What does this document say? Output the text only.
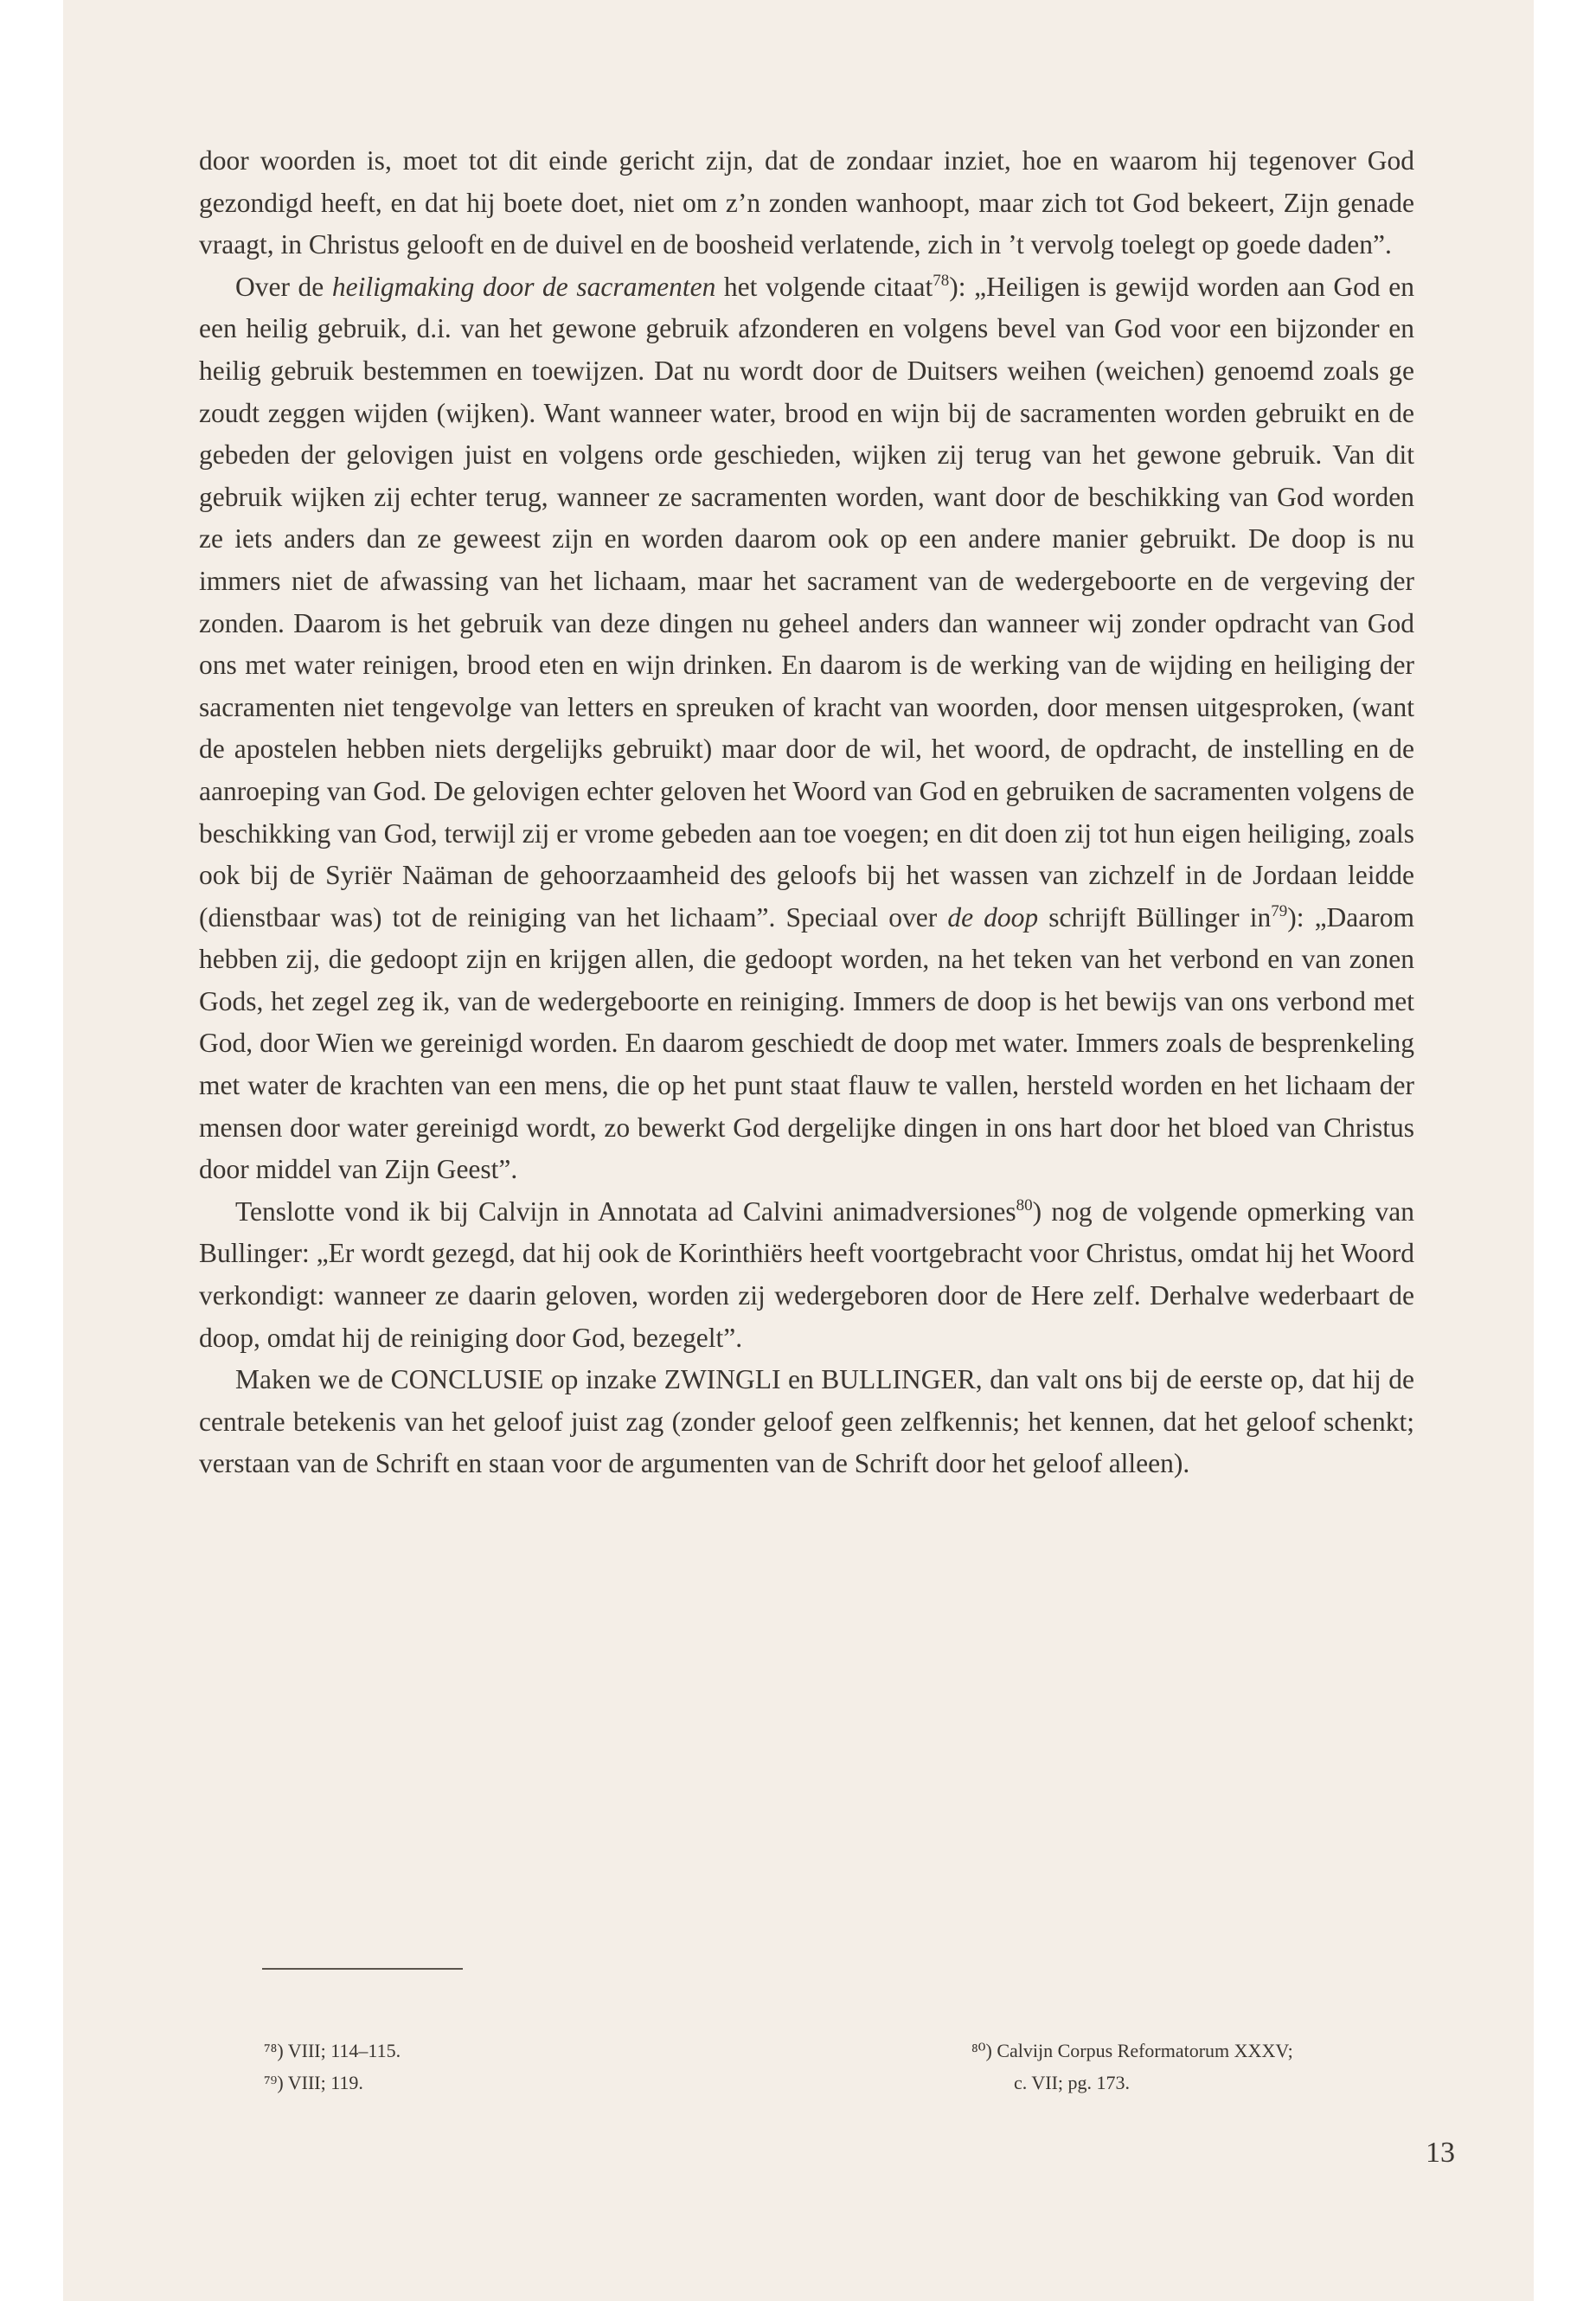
door woorden is, moet tot dit einde gericht zijn, dat de zondaar inziet, hoe en waarom hij tegenover God gezondigd heeft, en dat hij boete doet, niet om z’n zonden wanhoopt, maar zich tot God bekeert, Zijn genade vraagt, in Christus gelooft en de duivel en de boosheid verlatende, zich in ’t vervolg toelegt op goede daden”.

Over de heiligmaking door de sacramenten het volgende citaat$^{78}$): „Heiligen is gewijd worden aan God en een heilig gebruik, d.i. van het gewone gebruik afzonderen en volgens bevel van God voor een bijzonder en heilig gebruik bestemmen en toewijzen. Dat nu wordt door de Duitsers weihen (weichen) genoemd zoals ge zoudt zeggen wijden (wijken). Want wanneer water, brood en wijn bij de sacramenten worden gebruikt en de gebeden der gelovigen juist en volgens orde geschieden, wijken zij terug van het gewone gebruik. Van dit gebruik wijken zij echter terug, wanneer ze sacramenten worden, want door de beschikking van God worden ze iets anders dan ze geweest zijn en worden daarom ook op een andere manier gebruikt. De doop is nu immers niet de afwassing van het lichaam, maar het sacrament van de wedergeboorte en de vergeving der zonden. Daarom is het gebruik van deze dingen nu geheel anders dan wanneer wij zonder opdracht van God ons met water reinigen, brood eten en wijn drinken. En daarom is de werking van de wijding en heiliging der sacramenten niet tengevolge van letters en spreuken of kracht van woorden, door mensen uitgesproken, (want de apostelen hebben niets dergelijks gebruikt) maar door de wil, het woord, de opdracht, de instelling en de aanroeping van God. De gelovigen echter geloven het Woord van God en gebruiken de sacramenten volgens de beschikking van God, terwijl zij er vrome gebeden aan toe voegen; en dit doen zij tot hun eigen heiliging, zoals ook bij de Syriër Naäman de gehoorzaamheid des geloofs bij het wassen van zichzelf in de Jordaan leidde (dienstbaar was) tot de reiniging van het lichaam”. Speciaal over de doop schrijft Büllinger $in^{79}$): „Daarom hebben zij, die gedoopt zijn en krijgen allen, die gedoopt worden, na het teken van het verbond en van zonen Gods, het zegel zeg ik, van de wedergeboorte en reiniging. Immers de doop is het bewijs van ons verbond met God, door Wien we gereinigd worden. En daarom geschiedt de doop met water. Immers zoals de besprenkeling met water de krachten van een mens, die op het punt staat flauw te vallen, hersteld worden en het lichaam der mensen door water gereinigd wordt, zo bewerkt God dergelijke dingen in ons hart door het bloed van Christus door middel van Zijn Geest”.

Tenslotte vond ik bij Calvijn in Annotata ad Calvini animadversiones$^{80}$) nog de volgende opmerking van Bullinger: „Er wordt gezegd, dat hij ook de Korinthiërs heeft voortgebracht voor Christus, omdat hij het Woord verkondigt: wanneer ze daarin geloven, worden zij wedergeboren door de Here zelf. Derhalve wederbaart de doop, omdat hij de reiniging door God, bezegelt”.

Maken we de CONCLUSIE op inzake ZWINGLI en BULLINGER, dan valt ons bij de eerste op, dat hij de centrale betekenis van het geloof juist zag (zonder geloof geen zelfkennis; het kennen, dat het geloof schenkt; verstaan van de Schrift en staan voor de argumenten van de Schrift door het geloof alleen).

⁷⁸) VIII; 114–115.

⁷⁹) VIII; 119.

⁸⁰) Calvijn Corpus Reformatorum XXXV;

c. VII; pg. 173.

13
